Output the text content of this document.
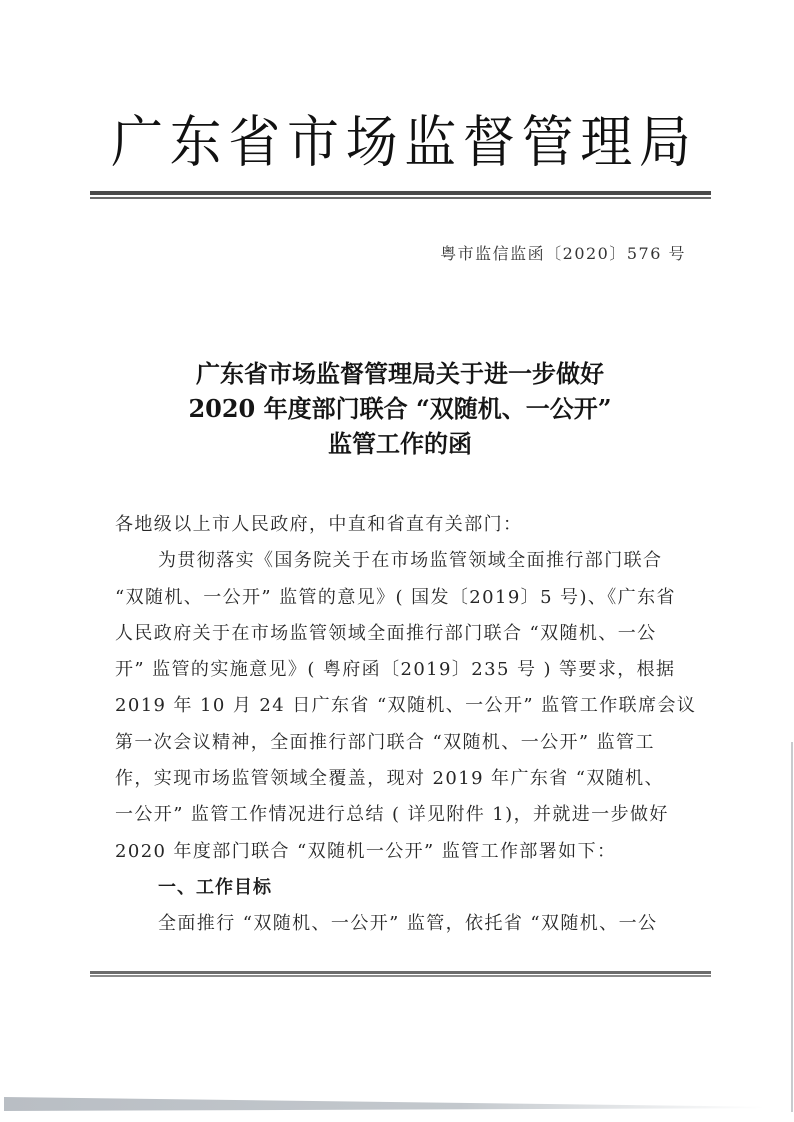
广 东 省 市 场 监 督 管 理 局
粤市监信监函〔2020〕576 号
广东省市场监督管理局关于进一步做好
2020 年度部门联合 “双随机、一公开”
监管工作的函
各地级以上市人民政府，中直和省直有关部门：
为贯彻落实《国务院关于在市场监管领域全面推行部门联合
“双随机、一公开” 监管的意见》( 国发〔2019〕5 号)、《广东省
人民政府关于在市场监管领域全面推行部门联合 “双随机、一公
开” 监管的实施意见》( 粤府函〔2019〕235 号 ) 等要求，根据
2019 年 10 月 24 日广东省 “双随机、一公开” 监管工作联席会议
第一次会议精神，全面推行部门联合 “双随机、一公开” 监管工
作，实现市场监管领域全覆盖，现对 2019 年广东省 “双随机、
一公开” 监管工作情况进行总结 ( 详见附件 1)，并就进一步做好
2020 年度部门联合 “双随机一公开” 监管工作部署如下：
一、工作目标
全面推行 “双随机、一公开” 监管，依托省 “双随机、一公
